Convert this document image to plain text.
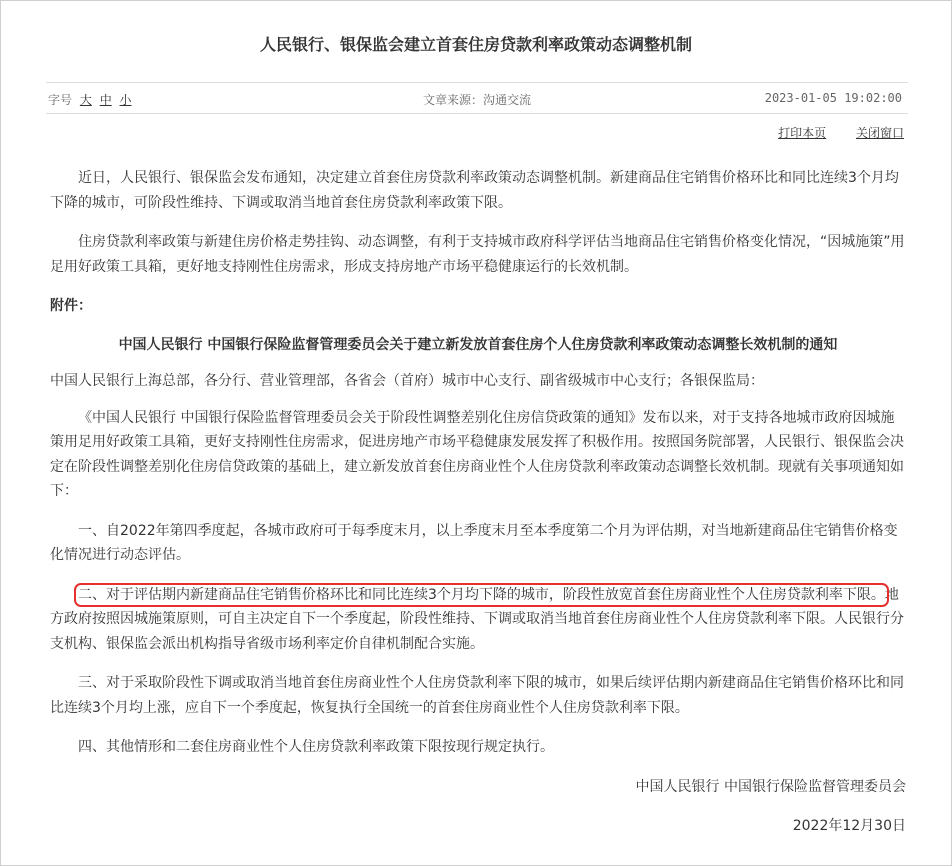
人民银行、银保监会建立首套住房贷款利率政策动态调整机制
字号 大 中 小	文章来源：沟通交流	2023-01-05 19:02:00
打印本页 关闭窗口

近日，人民银行、银保监会发布通知，决定建立首套住房贷款利率政策动态调整机制。新建商品住宅销售价格环比和同比连续3个月均下降的城市，可阶段性维持、下调或取消当地首套住房贷款利率政策下限。

住房贷款利率政策与新建住房价格走势挂钩、动态调整，有利于支持城市政府科学评估当地商品住宅销售价格变化情况，“因城施策”用足用好政策工具箱，更好地支持刚性住房需求，形成支持房地产市场平稳健康运行的长效机制。

附件：

中国人民银行 中国银行保险监督管理委员会关于建立新发放首套住房个人住房贷款利率政策动态调整长效机制的通知

中国人民银行上海总部，各分行、营业管理部，各省会（首府）城市中心支行、副省级城市中心支行；各银保监局：

《中国人民银行 中国银行保险监督管理委员会关于阶段性调整差别化住房信贷政策的通知》发布以来，对于支持各地城市政府因城施策用足用好政策工具箱，更好支持刚性住房需求，促进房地产市场平稳健康发展发挥了积极作用。按照国务院部署，人民银行、银保监会决定在阶段性调整差别化住房信贷政策的基础上，建立新发放首套住房商业性个人住房贷款利率政策动态调整长效机制。现就有关事项通知如下：

一、自2022年第四季度起，各城市政府可于每季度末月，以上季度末月至本季度第二个月为评估期，对当地新建商品住宅销售价格变化情况进行动态评估。

二、对于评估期内新建商品住宅销售价格环比和同比连续3个月均下降的城市，阶段性放宽首套住房商业性个人住房贷款利率下限。地方政府按照因城施策原则，可自主决定自下一个季度起，阶段性维持、下调或取消当地首套住房商业性个人住房贷款利率下限。人民银行分支机构、银保监会派出机构指导省级市场利率定价自律机制配合实施。

三、对于采取阶段性下调或取消当地首套住房商业性个人住房贷款利率下限的城市，如果后续评估期内新建商品住宅销售价格环比和同比连续3个月均上涨，应自下一个季度起，恢复执行全国统一的首套住房商业性个人住房贷款利率下限。

四、其他情形和二套住房商业性个人住房贷款利率政策下限按现行规定执行。

中国人民银行 中国银行保险监督管理委员会

2022年12月30日
